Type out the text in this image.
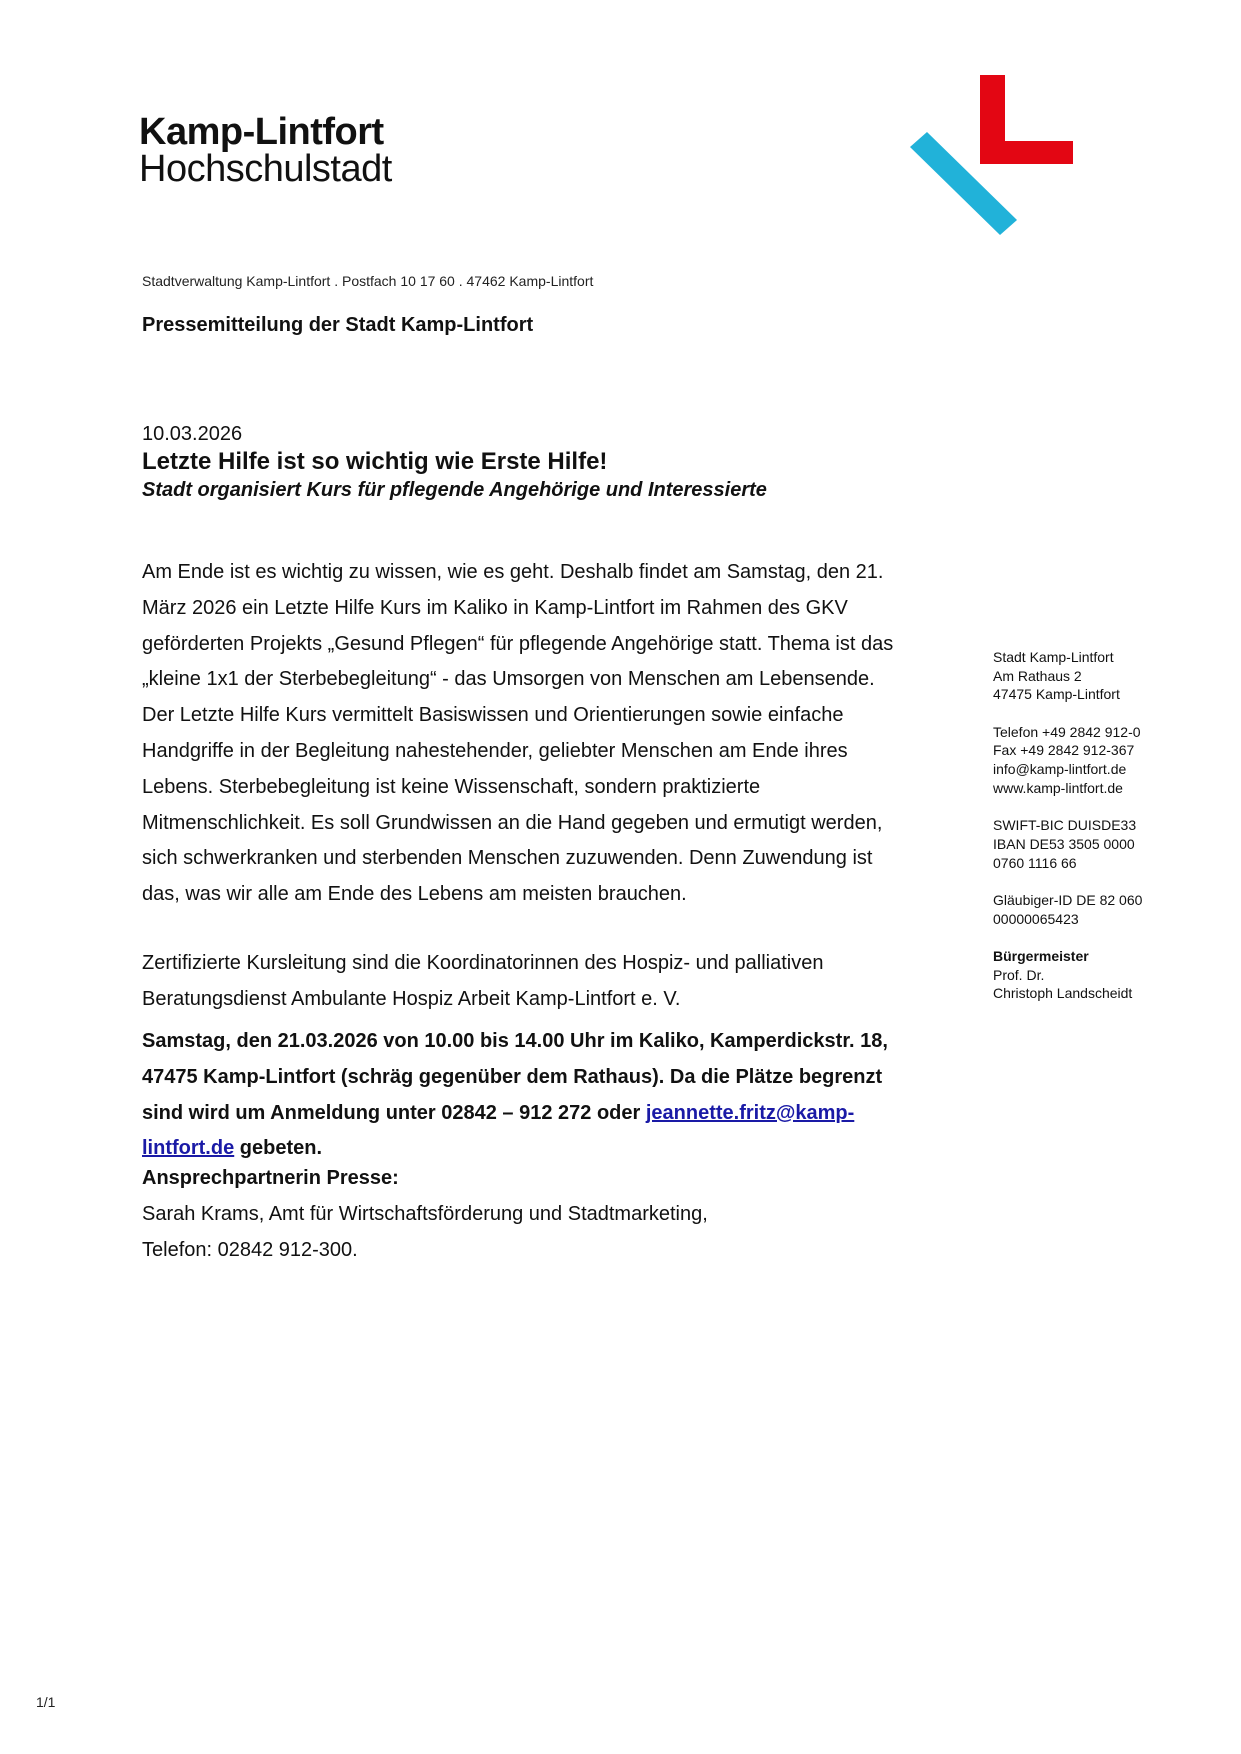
Kamp-Lintfort
Hochschulstadt
Stadtverwaltung Kamp-Lintfort . Postfach 10 17 60 . 47462 Kamp-Lintfort
Pressemitteilung der Stadt Kamp-Lintfort
10.03.2026
Letzte Hilfe ist so wichtig wie Erste Hilfe!
Stadt organisiert Kurs für pflegende Angehörige und Interessierte
Am Ende ist es wichtig zu wissen, wie es geht. Deshalb findet am Samstag, den 21.
März 2026 ein Letzte Hilfe Kurs im Kaliko in Kamp-Lintfort im Rahmen des GKV
geförderten Projekts „Gesund Pflegen“ für pflegende Angehörige statt. Thema ist das
„kleine 1x1 der Sterbebegleitung“ - das Umsorgen von Menschen am Lebensende.
Der Letzte Hilfe Kurs vermittelt Basiswissen und Orientierungen sowie einfache
Handgriffe in der Begleitung nahestehender, geliebter Menschen am Ende ihres
Lebens. Sterbebegleitung ist keine Wissenschaft, sondern praktizierte
Mitmenschlichkeit. Es soll Grundwissen an die Hand gegeben und ermutigt werden,
sich schwerkranken und sterbenden Menschen zuzuwenden. Denn Zuwendung ist
das, was wir alle am Ende des Lebens am meisten brauchen.
Zertifizierte Kursleitung sind die Koordinatorinnen des Hospiz- und palliativen
Beratungsdienst Ambulante Hospiz Arbeit Kamp-Lintfort e. V.
Samstag, den 21.03.2026 von 10.00 bis 14.00 Uhr im Kaliko, Kamperdickstr. 18,
47475 Kamp-Lintfort (schräg gegenüber dem Rathaus). Da die Plätze begrenzt
sind wird um Anmeldung unter 02842 – 912 272 oder jeannette.fritz@kamp-
lintfort.de gebeten.
Ansprechpartnerin Presse:
Sarah Krams, Amt für Wirtschaftsförderung und Stadtmarketing,
Telefon: 02842 912-300.
Stadt Kamp-Lintfort
Am Rathaus 2
47475 Kamp-Lintfort
Telefon +49 2842 912-0
Fax +49 2842 912-367
info@kamp-lintfort.de
www.kamp-lintfort.de
SWIFT-BIC DUISDE33
IBAN DE53 3505 0000
0760 1116 66
Gläubiger-ID DE 82 060
00000065423
Bürgermeister
Prof. Dr.
Christoph Landscheidt
1/1
